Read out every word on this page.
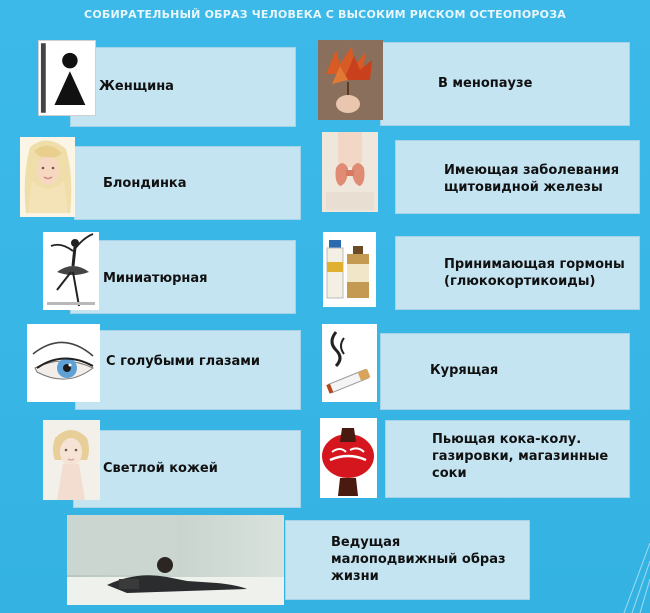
СОБИРАТЕЛЬНЫЙ ОБРАЗ ЧЕЛОВЕКА С ВЫСОКИМ РИСКОМ ОСТЕОПОРОЗА
Женщина
Блондинка
Миниатюрная
С голубыми глазами
Светлой кожей
В менопаузе
Имеющая заболевания
щитовидной железы
Принимающая гормоны
(глюкокортикоиды)
Курящая
Пьющая кока-колу.
газировки, магазинные
соки
Ведущая
малоподвижный образ
жизни
